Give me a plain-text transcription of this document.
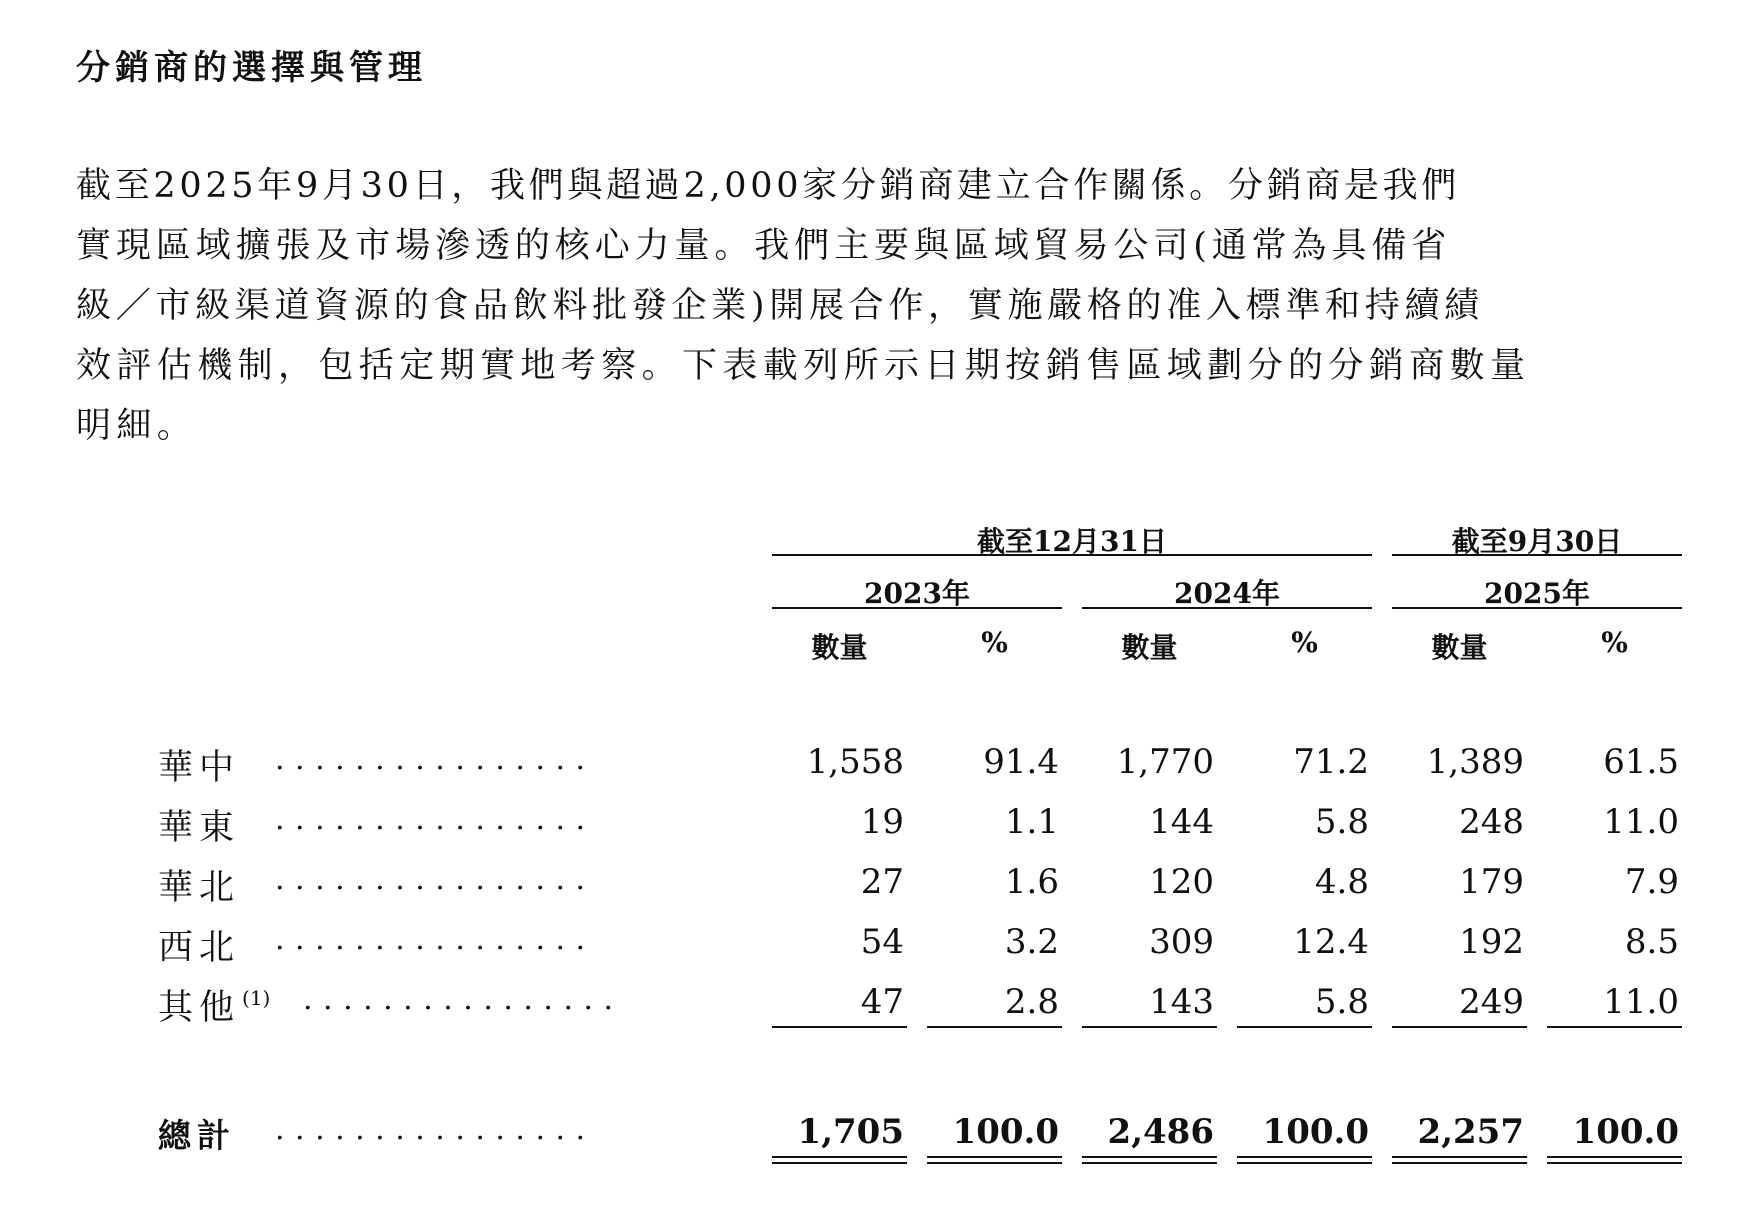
分銷商的選擇與管理
截至2025年9月30日，我們與超過2,000家分銷商建立合作關係。分銷商是我們
實現區域擴張及市場滲透的核心力量。我們主要與區域貿易公司(通常為具備省
級／市級渠道資源的食品飲料批發企業)開展合作，實施嚴格的准入標準和持續績
效評估機制，包括定期實地考察。下表載列所示日期按銷售區域劃分的分銷商數量
明細。
截至12月31日	截至9月30日
2023年	2024年	2025年
數量	%	數量	%	數量	%
華中 ................	1,558	91.4	1,770	71.2	1,389	61.5
華東 ................	19	1.1	144	5.8	248	11.0
華北 ................	27	1.6	120	4.8	179	7.9
西北 ................	54	3.2	309	12.4	192	8.5
其他 $^{(1)}$ ................	47	2.8	143	5.8	249	11.0
總計 ................	1,705	100.0	2,486	100.0	2,257	100.0
